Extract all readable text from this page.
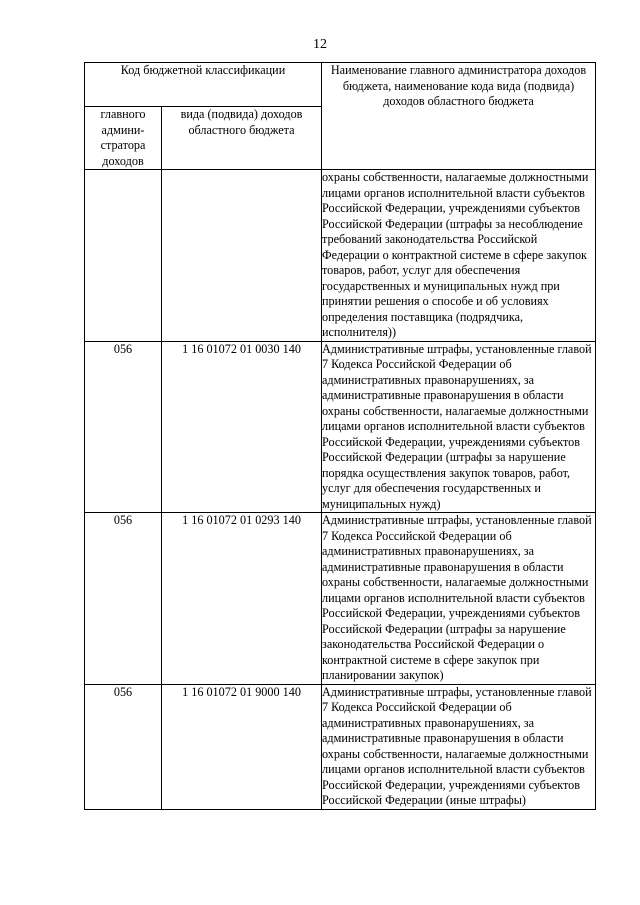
12
Код бюджетной классификации		Наименование главного администратора доходов бюджета, наименование кода вида (подвида) доходов областного бюджета
главного админи-стратора доходов	вида (подвида) доходов областного бюджета	
		охраны собственности, налагаемые должностными лицами органов исполнительной власти субъектов Российской Федерации, учреждениями субъектов Российской Федерации (штрафы за несоблюдение требований законодательства Российской Федерации о контрактной системе в сфере закупок товаров, работ, услуг для обеспечения государственных и муниципальных нужд при принятии решения о способе и об условиях определения поставщика (подрядчика, исполнителя))
056	1 16 01072 01 0030 140	Административные штрафы, установленные главой 7 Кодекса Российской Федерации об административных правонарушениях, за административные правонарушения в области охраны собственности, налагаемые должностными лицами органов исполнительной власти субъектов Российской Федерации, учреждениями субъектов Российской Федерации (штрафы за нарушение порядка осуществления закупок товаров, работ, услуг для обеспечения государственных и муниципальных нужд)
056	1 16 01072 01 0293 140	Административные штрафы, установленные главой 7 Кодекса Российской Федерации об административных правонарушениях, за административные правонарушения в области охраны собственности, налагаемые должностными лицами органов исполнительной власти субъектов Российской Федерации, учреждениями субъектов Российской Федерации (штрафы за нарушение законодательства Российской Федерации о контрактной системе в сфере закупок при планировании закупок)
056	1 16 01072 01 9000 140	Административные штрафы, установленные главой 7 Кодекса Российской Федерации об административных правонарушениях, за административные правонарушения в области охраны собственности, налагаемые должностными лицами органов исполнительной власти субъектов Российской Федерации, учреждениями субъектов Российской Федерации (иные штрафы)
